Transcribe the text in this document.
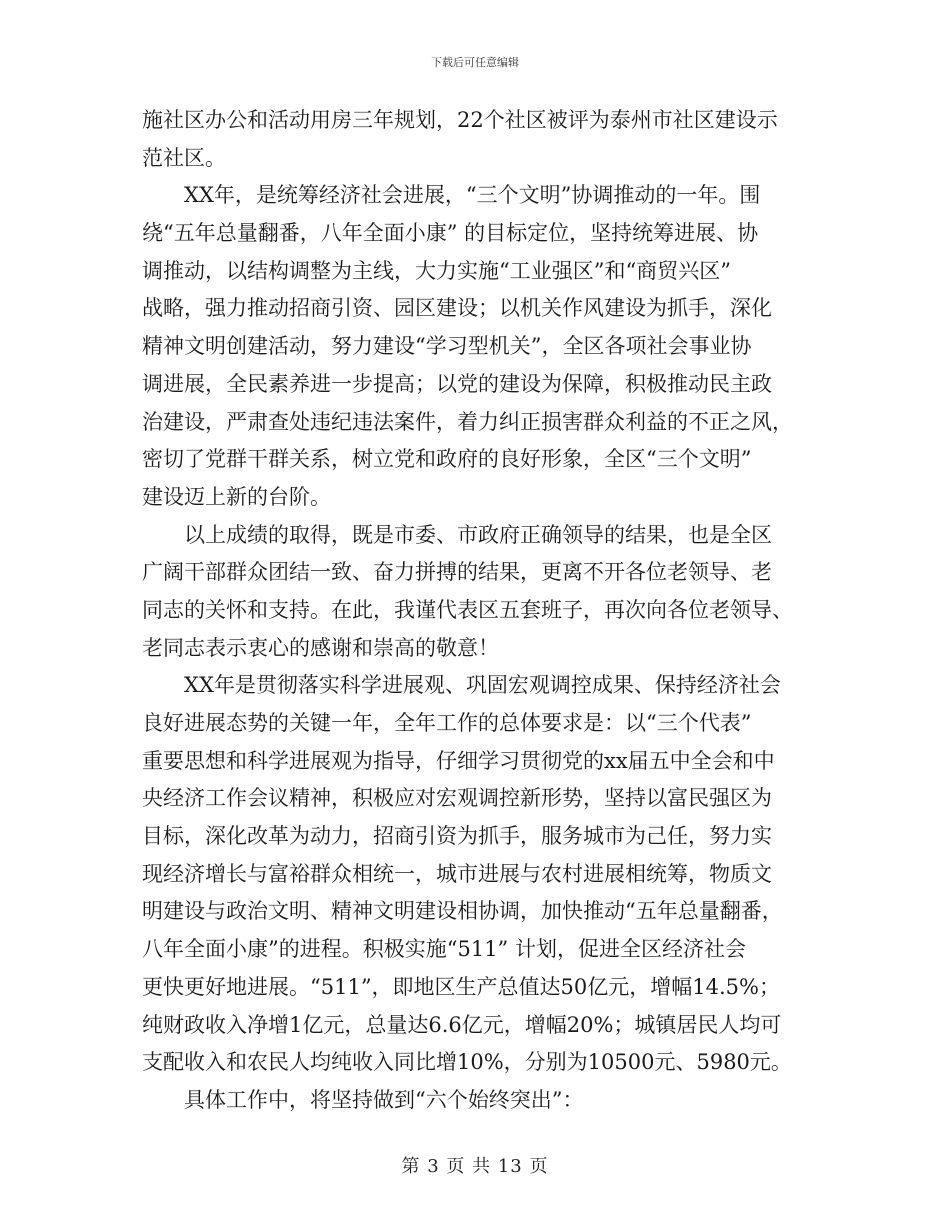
下载后可任意编辑
施社区办公和活动用房三年规划，22个社区被评为泰州市社区建设示
范社区。
XX年，是统筹经济社会进展，“三个文明”协调推动的一年。围
绕“五年总量翻番，八年全面小康” 的目标定位，坚持统筹进展、协
调推动，以结构调整为主线，大力实施“工业强区”和“商贸兴区”
战略，强力推动招商引资、园区建设；以机关作风建设为抓手，深化
精神文明创建活动，努力建设“学习型机关”，全区各项社会事业协
调进展，全民素养进一步提高；以党的建设为保障，积极推动民主政
治建设，严肃查处违纪违法案件，着力纠正损害群众利益的不正之风，
密切了党群干群关系，树立党和政府的良好形象，全区“三个文明”
建设迈上新的台阶。
以上成绩的取得，既是市委、市政府正确领导的结果，也是全区
广阔干部群众团结一致、奋力拼搏的结果，更离不开各位老领导、老
同志的关怀和支持。在此，我谨代表区五套班子，再次向各位老领导、
老同志表示衷心的感谢和崇高的敬意！
XX年是贯彻落实科学进展观、巩固宏观调控成果、保持经济社会
良好进展态势的关键一年，全年工作的总体要求是：以“三个代表”
重要思想和科学进展观为指导，仔细学习贯彻党的xx届五中全会和中
央经济工作会议精神，积极应对宏观调控新形势，坚持以富民强区为
目标，深化改革为动力，招商引资为抓手，服务城市为己任，努力实
现经济增长与富裕群众相统一，城市进展与农村进展相统筹，物质文
明建设与政治文明、精神文明建设相协调，加快推动“五年总量翻番，
八年全面小康”的进程。积极实施“511” 计划，促进全区经济社会
更快更好地进展。“511”，即地区生产总值达50亿元，增幅14.5%；
纯财政收入净增1亿元，总量达6.6亿元，增幅20%；城镇居民人均可
支配收入和农民人均纯收入同比增10%，分别为10500元、5980元。
具体工作中，将坚持做到“六个始终突出”：
第 3 页 共 13 页
